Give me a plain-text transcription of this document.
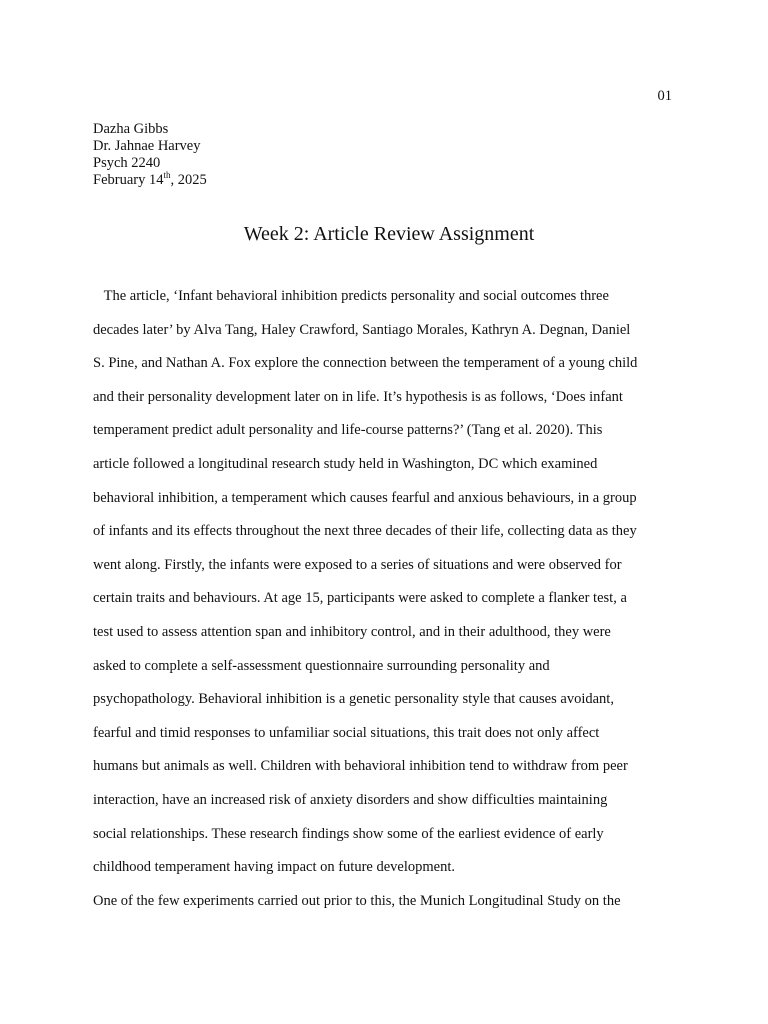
01
Dazha Gibbs
Dr. Jahnae Harvey
Psych 2240
February 14th, 2025
Week 2: Article Review Assignment
The article, ‘Infant behavioral inhibition predicts personality and social outcomes three
decades later’ by Alva Tang, Haley Crawford, Santiago Morales, Kathryn A. Degnan, Daniel
S. Pine, and Nathan A. Fox explore the connection between the temperament of a young child
and their personality development later on in life. It’s hypothesis is as follows, ‘Does infant
temperament predict adult personality and life-course patterns?’ (Tang et al. 2020). This
article followed a longitudinal research study held in Washington, DC which examined
behavioral inhibition, a temperament which causes fearful and anxious behaviours, in a group
of infants and its effects throughout the next three decades of their life, collecting data as they
went along. Firstly, the infants were exposed to a series of situations and were observed for
certain traits and behaviours. At age 15, participants were asked to complete a flanker test, a
test used to assess attention span and inhibitory control, and in their adulthood, they were
asked to complete a self-assessment questionnaire surrounding personality and
psychopathology. Behavioral inhibition is a genetic personality style that causes avoidant,
fearful and timid responses to unfamiliar social situations, this trait does not only affect
humans but animals as well. Children with behavioral inhibition tend to withdraw from peer
interaction, have an increased risk of anxiety disorders and show difficulties maintaining
social relationships. These research findings show some of the earliest evidence of early
childhood temperament having impact on future development.
One of the few experiments carried out prior to this, the Munich Longitudinal Study on the
